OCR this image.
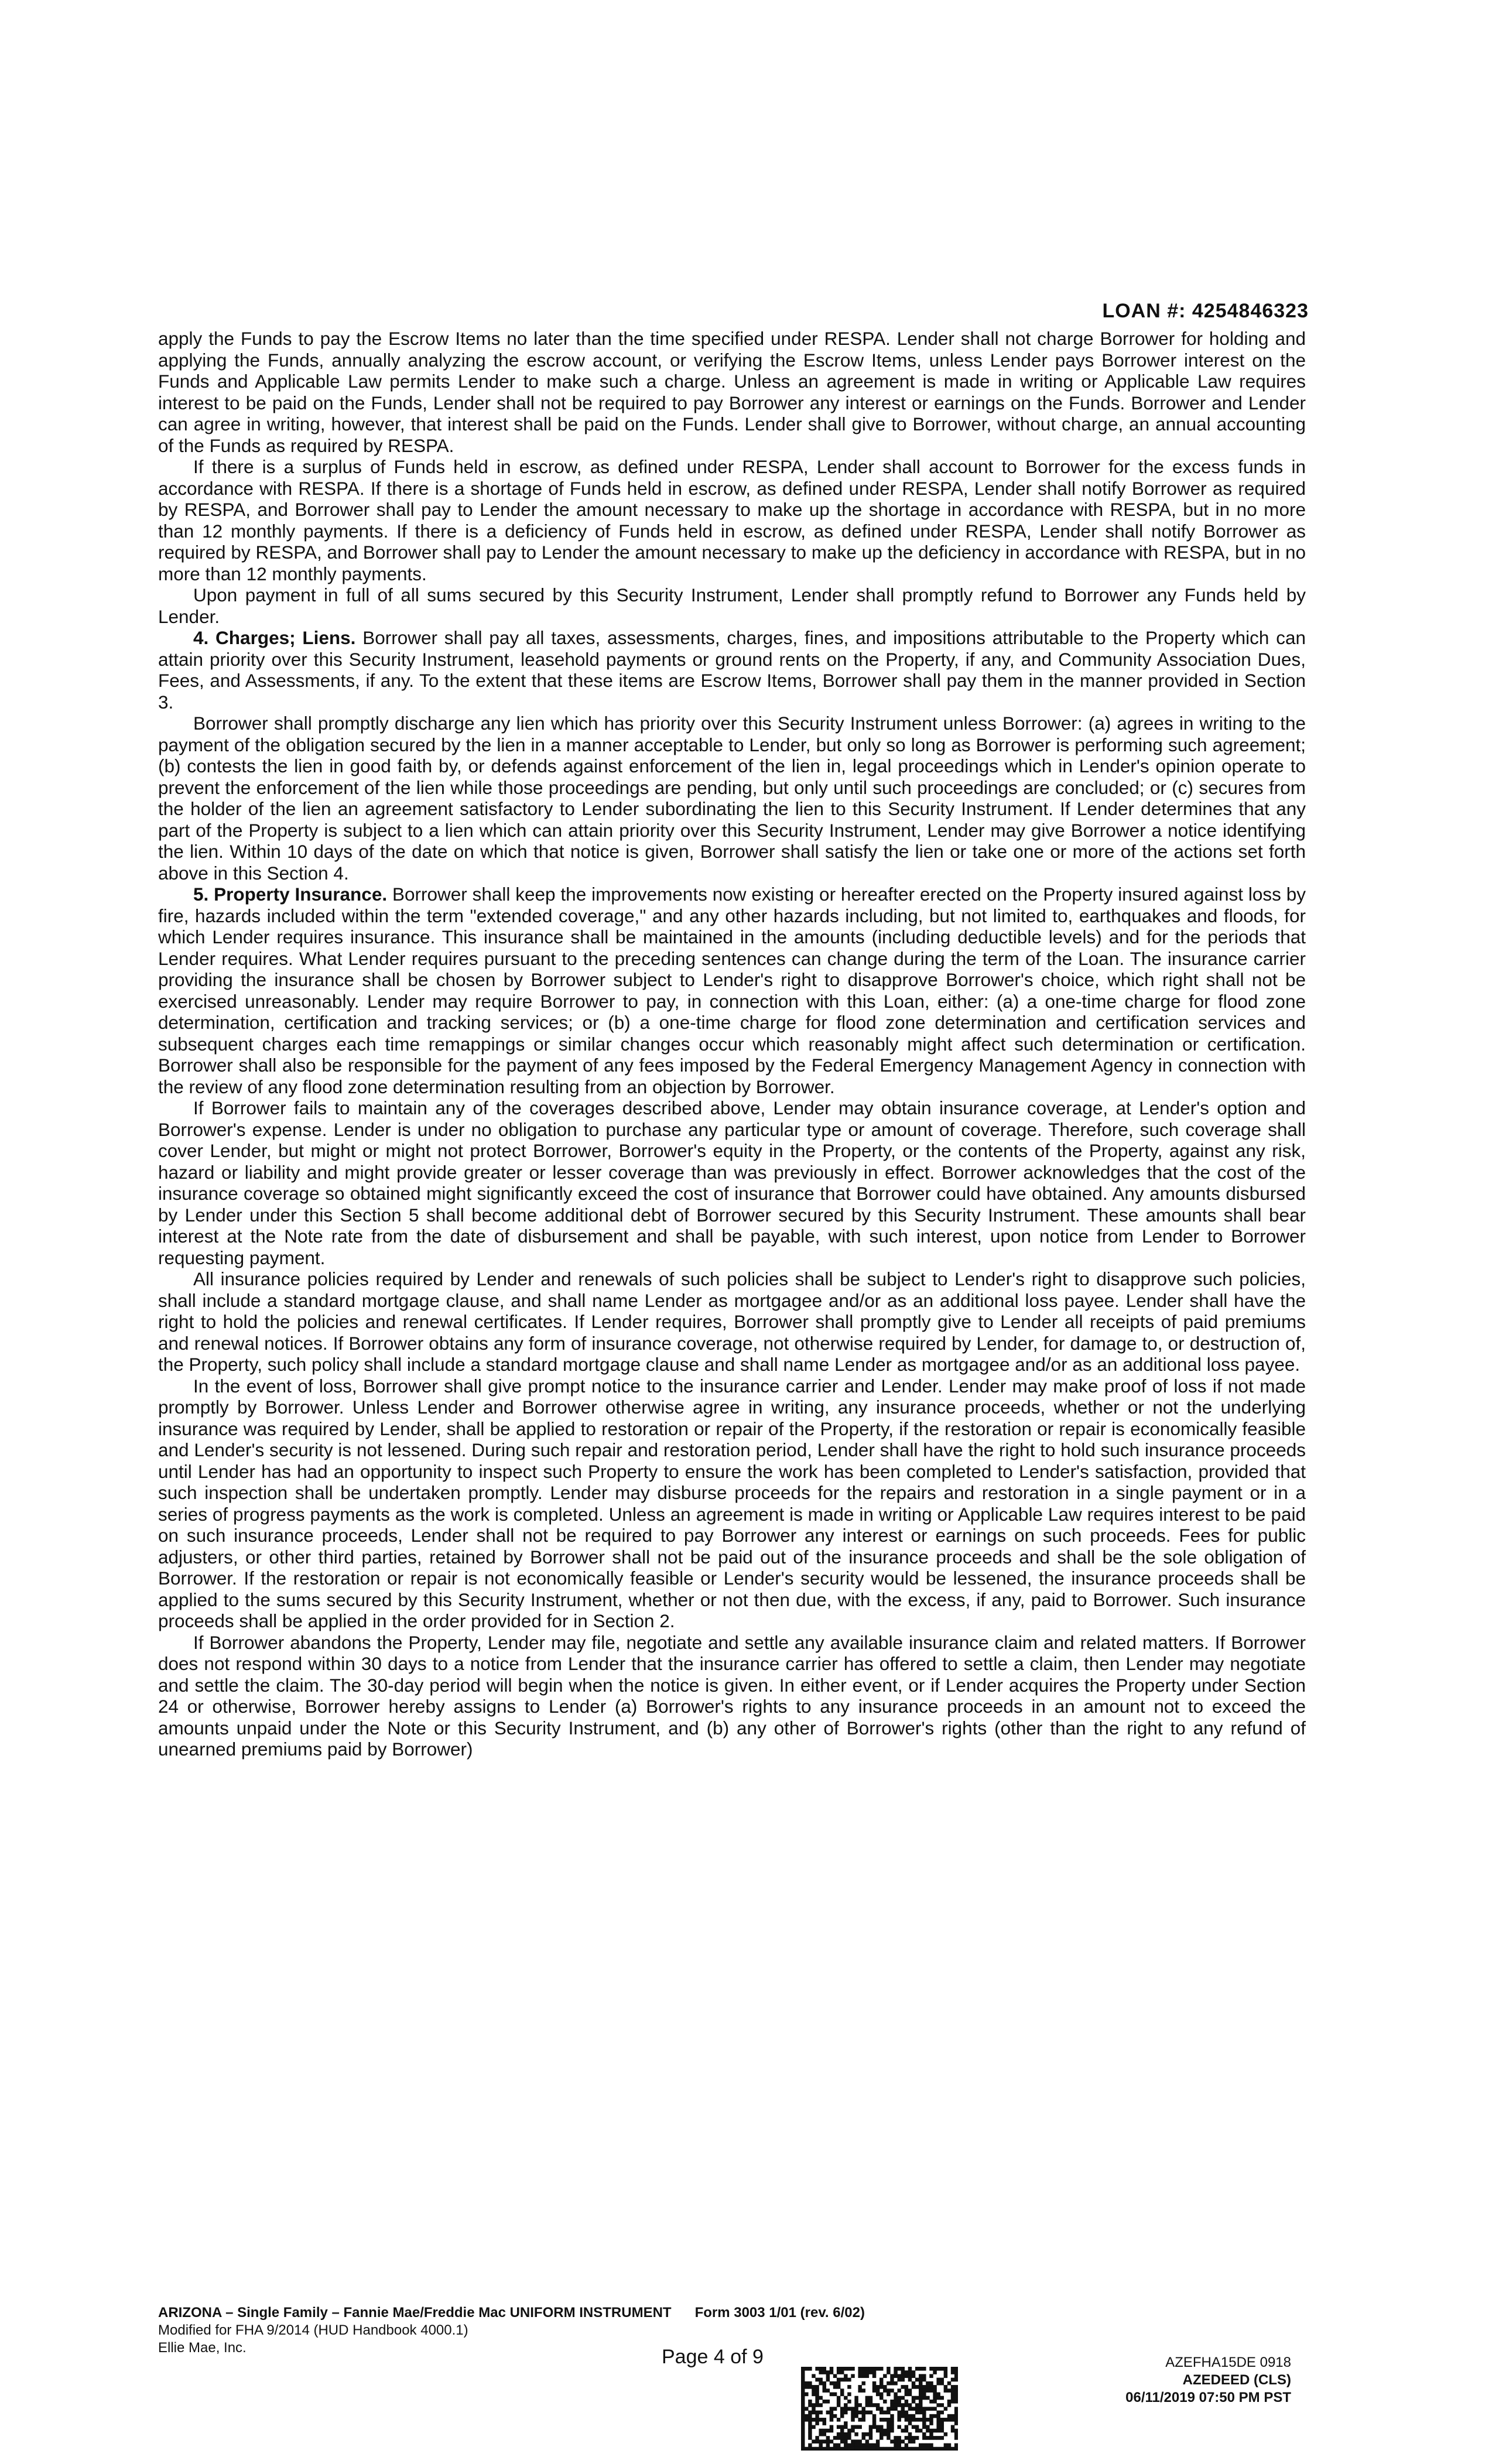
LOAN #: 4254846323

apply the Funds to pay the Escrow Items no later than the time specified under RESPA. Lender shall not charge Borrower for holding and applying the Funds, annually analyzing the escrow account, or verifying the Escrow Items, unless Lender pays Borrower interest on the Funds and Applicable Law permits Lender to make such a charge. Unless an agreement is made in writing or Applicable Law requires interest to be paid on the Funds, Lender shall not be required to pay Borrower any interest or earnings on the Funds. Borrower and Lender can agree in writing, however, that interest shall be paid on the Funds. Lender shall give to Borrower, without charge, an annual accounting of the Funds as required by RESPA.

If there is a surplus of Funds held in escrow, as defined under RESPA, Lender shall account to Borrower for the excess funds in accordance with RESPA. If there is a shortage of Funds held in escrow, as defined under RESPA, Lender shall notify Borrower as required by RESPA, and Borrower shall pay to Lender the amount necessary to make up the shortage in accordance with RESPA, but in no more than 12 monthly payments. If there is a deficiency of Funds held in escrow, as defined under RESPA, Lender shall notify Borrower as required by RESPA, and Borrower shall pay to Lender the amount necessary to make up the deficiency in accordance with RESPA, but in no more than 12 monthly payments.

Upon payment in full of all sums secured by this Security Instrument, Lender shall promptly refund to Borrower any Funds held by Lender.

4. Charges; Liens. Borrower shall pay all taxes, assessments, charges, fines, and impositions attributable to the Property which can attain priority over this Security Instrument, leasehold payments or ground rents on the Property, if any, and Community Association Dues, Fees, and Assessments, if any. To the extent that these items are Escrow Items, Borrower shall pay them in the manner provided in Section 3.

Borrower shall promptly discharge any lien which has priority over this Security Instrument unless Borrower: (a) agrees in writing to the payment of the obligation secured by the lien in a manner acceptable to Lender, but only so long as Borrower is performing such agreement; (b) contests the lien in good faith by, or defends against enforcement of the lien in, legal proceedings which in Lender's opinion operate to prevent the enforcement of the lien while those proceedings are pending, but only until such proceedings are concluded; or (c) secures from the holder of the lien an agreement satisfactory to Lender subordinating the lien to this Security Instrument. If Lender determines that any part of the Property is subject to a lien which can attain priority over this Security Instrument, Lender may give Borrower a notice identifying the lien. Within 10 days of the date on which that notice is given, Borrower shall satisfy the lien or take one or more of the actions set forth above in this Section 4.

5. Property Insurance. Borrower shall keep the improvements now existing or hereafter erected on the Property insured against loss by fire, hazards included within the term "extended coverage," and any other hazards including, but not limited to, earthquakes and floods, for which Lender requires insurance. This insurance shall be maintained in the amounts (including deductible levels) and for the periods that Lender requires. What Lender requires pursuant to the preceding sentences can change during the term of the Loan. The insurance carrier providing the insurance shall be chosen by Borrower subject to Lender's right to disapprove Borrower's choice, which right shall not be exercised unreasonably. Lender may require Borrower to pay, in connection with this Loan, either: (a) a one-time charge for flood zone determination, certification and tracking services; or (b) a one-time charge for flood zone determination and certification services and subsequent charges each time remappings or similar changes occur which reasonably might affect such determination or certification. Borrower shall also be responsible for the payment of any fees imposed by the Federal Emergency Management Agency in connection with the review of any flood zone determination resulting from an objection by Borrower.

If Borrower fails to maintain any of the coverages described above, Lender may obtain insurance coverage, at Lender's option and Borrower's expense. Lender is under no obligation to purchase any particular type or amount of coverage. Therefore, such coverage shall cover Lender, but might or might not protect Borrower, Borrower's equity in the Property, or the contents of the Property, against any risk, hazard or liability and might provide greater or lesser coverage than was previously in effect. Borrower acknowledges that the cost of the insurance coverage so obtained might significantly exceed the cost of insurance that Borrower could have obtained. Any amounts disbursed by Lender under this Section 5 shall become additional debt of Borrower secured by this Security Instrument. These amounts shall bear interest at the Note rate from the date of disbursement and shall be payable, with such interest, upon notice from Lender to Borrower requesting payment.

All insurance policies required by Lender and renewals of such policies shall be subject to Lender's right to disapprove such policies, shall include a standard mortgage clause, and shall name Lender as mortgagee and/or as an additional loss payee. Lender shall have the right to hold the policies and renewal certificates. If Lender requires, Borrower shall promptly give to Lender all receipts of paid premiums and renewal notices. If Borrower obtains any form of insurance coverage, not otherwise required by Lender, for damage to, or destruction of, the Property, such policy shall include a standard mortgage clause and shall name Lender as mortgagee and/or as an additional loss payee.

In the event of loss, Borrower shall give prompt notice to the insurance carrier and Lender. Lender may make proof of loss if not made promptly by Borrower. Unless Lender and Borrower otherwise agree in writing, any insurance proceeds, whether or not the underlying insurance was required by Lender, shall be applied to restoration or repair of the Property, if the restoration or repair is economically feasible and Lender's security is not lessened. During such repair and restoration period, Lender shall have the right to hold such insurance proceeds until Lender has had an opportunity to inspect such Property to ensure the work has been completed to Lender's satisfaction, provided that such inspection shall be undertaken promptly. Lender may disburse proceeds for the repairs and restoration in a single payment or in a series of progress payments as the work is completed. Unless an agreement is made in writing or Applicable Law requires interest to be paid on such insurance proceeds, Lender shall not be required to pay Borrower any interest or earnings on such proceeds. Fees for public adjusters, or other third parties, retained by Borrower shall not be paid out of the insurance proceeds and shall be the sole obligation of Borrower. If the restoration or repair is not economically feasible or Lender's security would be lessened, the insurance proceeds shall be applied to the sums secured by this Security Instrument, whether or not then due, with the excess, if any, paid to Borrower. Such insurance proceeds shall be applied in the order provided for in Section 2.

If Borrower abandons the Property, Lender may file, negotiate and settle any available insurance claim and related matters. If Borrower does not respond within 30 days to a notice from Lender that the insurance carrier has offered to settle a claim, then Lender may negotiate and settle the claim. The 30-day period will begin when the notice is given. In either event, or if Lender acquires the Property under Section 24 or otherwise, Borrower hereby assigns to Lender (a) Borrower's rights to any insurance proceeds in an amount not to exceed the amounts unpaid under the Note or this Security Instrument, and (b) any other of Borrower's rights (other than the right to any refund of unearned premiums paid by Borrower)

ARIZONA – Single Family – Fannie Mae/Freddie Mac UNIFORM INSTRUMENT Form 3003 1/01 (rev. 6/02)
Modified for FHA 9/2014 (HUD Handbook 4000.1)
Ellie Mae, Inc.	Page 4 of 9	AZEFHA15DE 0918
AZEDEED (CLS)
06/11/2019 07:50 PM PST
